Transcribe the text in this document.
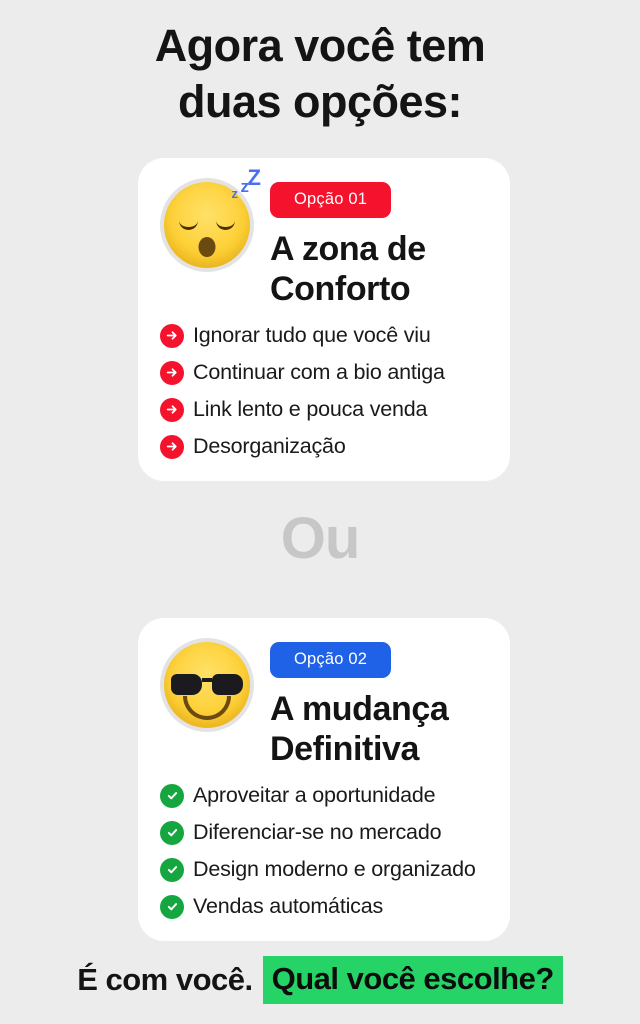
Agora você tem
duas opções:
z z
Z
Opção 01
A zona de
Conforto
Ignorar tudo que você viu
Continuar com a bio antiga
Link lento e pouca venda
Desorganização
Ou
Opção 02
A mudança
Definitiva
Aproveitar a oportunidade
Diferenciar-se no mercado
Design moderno e organizado
Vendas automáticas
É com você. Qual você escolhe?
